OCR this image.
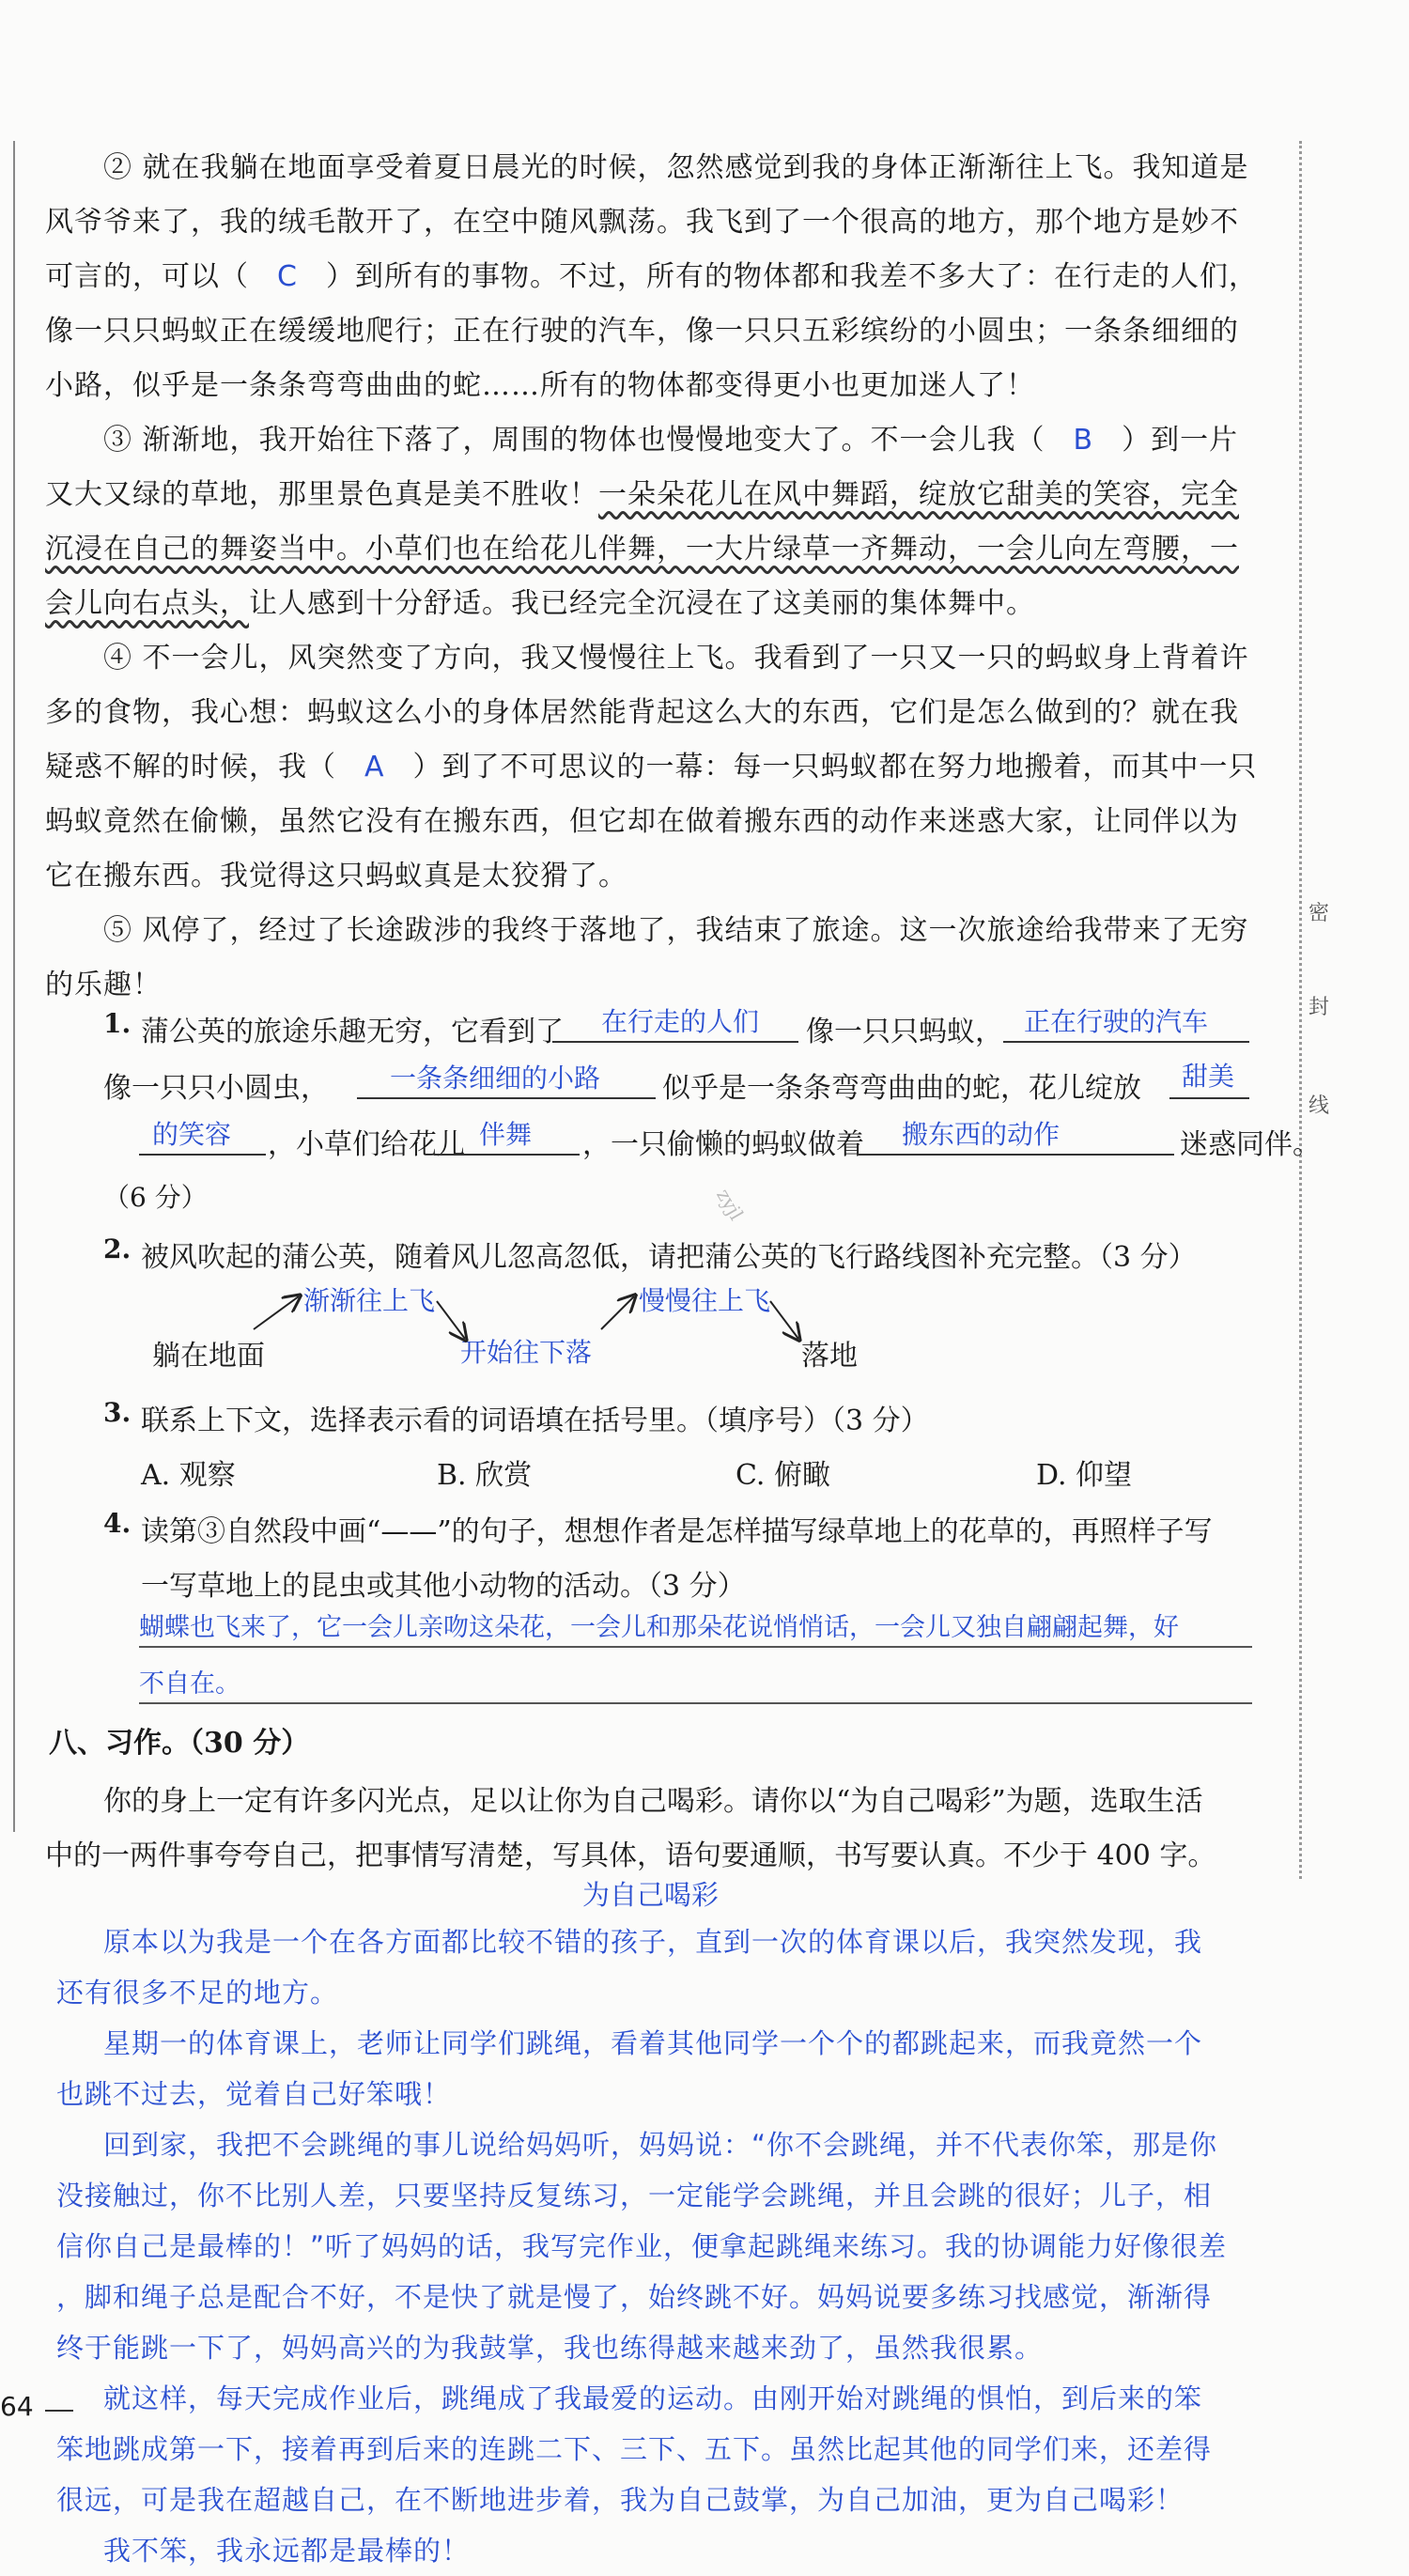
密
封
线
② 就在我躺在地面享受着夏日晨光的时候，忽然感觉到我的身体正渐渐往上飞。我知道是风爷爷来了，我的绒毛散开了，在空中随风飘荡。我飞到了一个很高的地方，那个地方是妙不可言的，可以（ C ）到所有的事物。不过，所有的物体都和我差不多大了：在行走的人们，像一只只蚂蚁正在缓缓地爬行；正在行驶的汽车，像一只只五彩缤纷的小圆虫；一条条细细的小路，似乎是一条条弯弯曲曲的蛇……所有的物体都变得更小也更加迷人了！
③ 渐渐地，我开始往下落了，周围的物体也慢慢地变大了。不一会儿我（ B ）到一片又大又绿的草地，那里景色真是美不胜收！一朵朵花儿在风中舞蹈，绽放它甜美的笑容，完全沉浸在自己的舞姿当中。小草们也在给花儿伴舞，一大片绿草一齐舞动，一会儿向左弯腰，一会儿向右点头，让人感到十分舒适。我已经完全沉浸在了这美丽的集体舞中。
④ 不一会儿，风突然变了方向，我又慢慢往上飞。我看到了一只又一只的蚂蚁身上背着许多的食物，我心想：蚂蚁这么小的身体居然能背起这么大的东西，它们是怎么做到的？就在我疑惑不解的时候，我（ A ）到了不可思议的一幕：每一只蚂蚁都在努力地搬着，而其中一只蚂蚁竟然在偷懒，虽然它没有在搬东西，但它却在做着搬东西的动作来迷惑大家，让同伴以为它在搬东西。我觉得这只蚂蚁真是太狡猾了。
⑤ 风停了，经过了长途跋涉的我终于落地了，我结束了旅途。这一次旅途给我带来了无穷的乐趣！
1. 蒲公英的旅途乐趣无穷，它看到了 在行走的人们 像一只只蚂蚁， 正在行驶的汽车
像一只只小圆虫， 一条条细细的小路 似乎是一条条弯弯曲曲的蛇，花儿绽放 甜美
的笑容 ，小草们给花儿 伴舞 ，一只偷懒的蚂蚁做着 搬东西的动作	迷惑同伴。
（6 分）
2. 被风吹起的蒲公英，随着风儿忽高忽低，请把蒲公英的飞行路线图补充完整。（3 分）
躺在地面
渐渐往上飞
开始往下落
慢慢往上飞
落地
zyjl
3. 联系上下文，选择表示看的词语填在括号里。（填序号）（3 分）
A. 观察	B. 欣赏	C. 俯瞰	D. 仰望
4. 读第③自然段中画“——”的句子，想想作者是怎样描写绿草地上的花草的，再照样子写
一写草地上的昆虫或其他小动物的活动。（3 分）
蝴蝶也飞来了，它一会儿亲吻这朵花，一会儿和那朵花说悄悄话，一会儿又独自翩翩起舞，好
不自在。
八、习作。（30 分）
你的身上一定有许多闪光点，足以让你为自己喝彩。请你以“为自己喝彩”为题，选取生活
中的一两件事夸夸自己，把事情写清楚，写具体，语句要通顺，书写要认真。不少于 400 字。
为自己喝彩
原本以为我是一个在各方面都比较不错的孩子，直到一次的体育课以后，我突然发现，我
还有很多不足的地方。
星期一的体育课上，老师让同学们跳绳，看着其他同学一个个的都跳起来，而我竟然一个
也跳不过去，觉着自己好笨哦！
回到家，我把不会跳绳的事儿说给妈妈听，妈妈说：“你不会跳绳，并不代表你笨，那是你
没接触过，你不比别人差，只要坚持反复练习，一定能学会跳绳，并且会跳的很好；儿子，相
信你自己是最棒的！”听了妈妈的话，我写完作业，便拿起跳绳来练习。我的协调能力好像很差
，脚和绳子总是配合不好，不是快了就是慢了，始终跳不好。妈妈说要多练习找感觉，渐渐得
终于能跳一下了，妈妈高兴的为我鼓掌，我也练得越来越来劲了，虽然我很累。
就这样，每天完成作业后，跳绳成了我最爱的运动。由刚开始对跳绳的惧怕，到后来的笨
笨地跳成第一下，接着再到后来的连跳二下、三下、五下。虽然比起其他的同学们来，还差得
很远，可是我在超越自己，在不断地进步着，我为自己鼓掌，为自己加油，更为自己喝彩！
我不笨，我永远都是最棒的！
64
